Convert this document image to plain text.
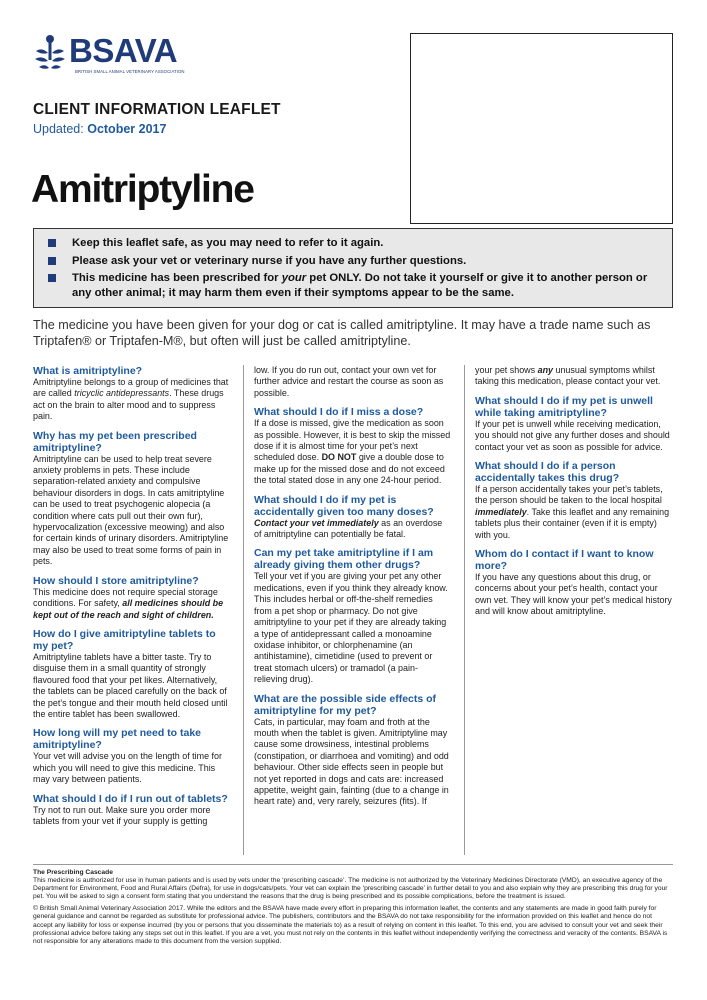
BSAVA
BRITISH SMALL ANIMAL VETERINARY ASSOCIATION
CLIENT INFORMATION LEAFLET
Updated: October 2017
Amitriptyline
Keep this leaflet safe, as you may need to refer to it again.
Please ask your vet or veterinary nurse if you have any further questions.
This medicine has been prescribed for your pet ONLY. Do not take it yourself or give it to another person or any other animal; it may harm them even if their symptoms appear to be the same.
The medicine you have been given for your dog or cat is called amitriptyline. It may have a trade name such as Triptafen® or Triptafen-M®, but often will just be called amitriptyline.
What is amitriptyline?

Amitriptyline belongs to a group of medicines that are called tricyclic antidepressants. These drugs act on the brain to alter mood and to suppress pain.

Why has my pet been prescribed amitriptyline?

Amitriptyline can be used to help treat severe anxiety problems in pets. These include separation-related anxiety and compulsive behaviour disorders in dogs. In cats amitriptyline can be used to treat psychogenic alopecia (a condition where cats pull out their own fur), hypervocalization (excessive meowing) and also for certain kinds of urinary disorders. Amitriptyline may also be used to treat some forms of pain in pets.

How should I store amitriptyline?

This medicine does not require special storage conditions. For safety, all medicines should be kept out of the reach and sight of children.

How do I give amitriptyline tablets to my pet?

Amitriptyline tablets have a bitter taste. Try to disguise them in a small quantity of strongly flavoured food that your pet likes. Alternatively, the tablets can be placed carefully on the back of the pet’s tongue and their mouth held closed until the entire tablet has been swallowed.

How long will my pet need to take amitriptyline?

Your vet will advise you on the length of time for which you will need to give this medicine. This may vary between patients.

What should I do if I run out of tablets?

Try not to run out. Make sure you order more tablets from your vet if your supply is getting

low. If you do run out, contact your own vet for further advice and restart the course as soon as possible.

What should I do if I miss a dose?

If a dose is missed, give the medication as soon as possible. However, it is best to skip the missed dose if it is almost time for your pet’s next scheduled dose. DO NOT give a double dose to make up for the missed dose and do not exceed the total stated dose in any one 24-hour period.

What should I do if my pet is accidentally given too many doses?

Contact your vet immediately as an overdose of amitriptyline can potentially be fatal.

Can my pet take amitriptyline if I am already giving them other drugs?

Tell your vet if you are giving your pet any other medications, even if you think they already know. This includes herbal or off-the-shelf remedies from a pet shop or pharmacy. Do not give amitriptyline to your pet if they are already taking a type of antidepressant called a monoamine oxidase inhibitor, or chlorphenamine (an antihistamine), cimetidine (used to prevent or treat stomach ulcers) or tramadol (a pain-relieving drug).

What are the possible side effects of amitriptyline for my pet?

Cats, in particular, may foam and froth at the mouth when the tablet is given. Amitriptyline may cause some drowsiness, intestinal problems (constipation, or diarrhoea and vomiting) and odd behaviour. Other side effects seen in people but not yet reported in dogs and cats are: increased appetite, weight gain, fainting (due to a change in heart rate) and, very rarely, seizures (fits). If

your pet shows any unusual symptoms whilst taking this medication, please contact your vet.

What should I do if my pet is unwell while taking amitriptyline?

If your pet is unwell while receiving medication, you should not give any further doses and should contact your vet as soon as possible for advice.

What should I do if a person accidentally takes this drug?

If a person accidentally takes your pet’s tablets, the person should be taken to the local hospital immediately. Take this leaflet and any remaining tablets plus their container (even if it is empty) with you.

Whom do I contact if I want to know more?

If you have any questions about this drug, or concerns about your pet’s health, contact your own vet. They will know your pet’s medical history and will know about amitriptyline.

The Prescribing Cascade

This medicine is authorized for use in human patients and is used by vets under the ‘prescribing cascade’. The medicine is not authorized by the Veterinary Medicines Directorate (VMD), an executive agency of the Department for Environment, Food and Rural Affairs (Defra), for use in dogs/cats/pets. Your vet can explain the ‘prescribing cascade’ in further detail to you and also explain why they are prescribing this drug for your pet. You will be asked to sign a consent form stating that you understand the reasons that the drug is being prescribed and its possible complications, before the treatment is issued.

© British Small Animal Veterinary Association 2017. While the editors and the BSAVA have made every effort in preparing this information leaflet, the contents and any statements are made in good faith purely for general guidance and cannot be regarded as substitute for professional advice. The publishers, contributors and the BSAVA do not take responsibility for the information provided on this leaflet and hence do not accept any liability for loss or expense incurred (by you or persons that you disseminate the materials to) as a result of relying on content in this leaflet. To this end, you are advised to consult your vet and seek their professional advice before taking any steps set out in this leaflet. If you are a vet, you must not rely on the contents in this leaflet without independently verifying the correctness and veracity of the contents. BSAVA is not responsible for any alterations made to this document from the version supplied.
